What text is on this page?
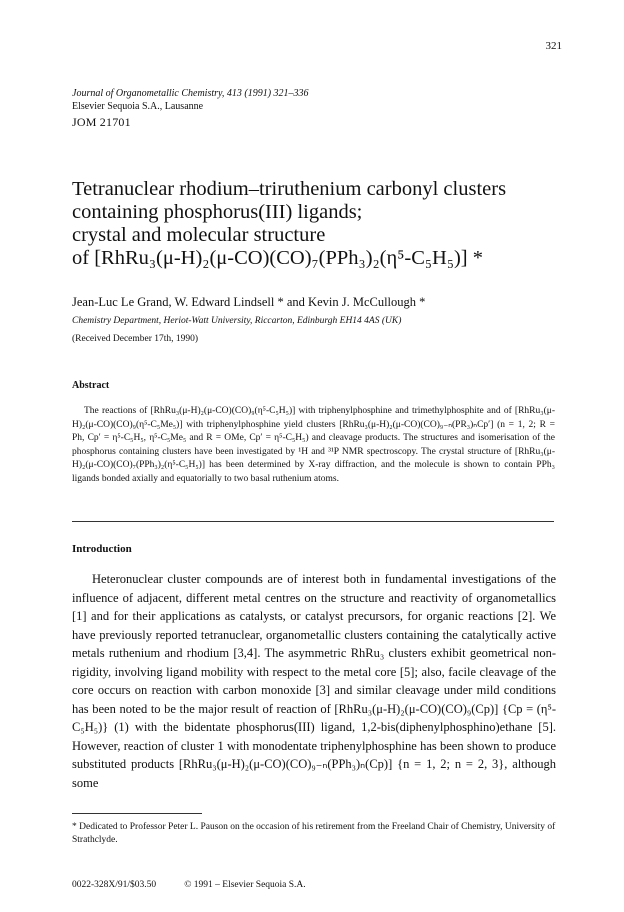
321
Journal of Organometallic Chemistry, 413 (1991) 321–336
Elsevier Sequoia S.A., Lausanne
JOM 21701
Tetranuclear rhodium–triruthenium carbonyl clusters
containing phosphorus(III) ligands;
crystal and molecular structure
of [RhRu₃(μ-H)₂(μ-CO)(CO)₇(PPh₃)₂(η⁵-C₅H₅)] *
Jean-Luc Le Grand, W. Edward Lindsell * and Kevin J. McCullough *
Chemistry Department, Heriot-Watt University, Riccarton, Edinburgh EH14 4AS (UK)
(Received December 17th, 1990)
Abstract

The reactions of [RhRu₃(μ-H)₂(μ-CO)(CO)₉(η⁵-C₅H₅)] with triphenylphosphine and trimethylphosphite and of [RhRu₃(μ-H)₂(μ-CO)(CO)₉(η⁵-C₅Me₅)] with triphenylphosphine yield clusters [RhRu₃(μ-H)₂(μ-CO)(CO)₉₋ₙ(PR₃)ₙCp′] (n = 1, 2; R = Ph, Cp′ = η⁵-C₅H₅, η⁵-C₅Me₅ and R = OMe, Cp′ = η⁵-C₅H₅) and cleavage products. The structures and isomerisation of the phosphorus containing clusters have been investigated by ¹H and ³¹P NMR spectroscopy. The crystal structure of [RhRu₃(μ-H)₂(μ-CO)(CO)₇(PPh₃)₂(η⁵-C₅H₅)] has been determined by X-ray diffraction, and the molecule is shown to contain PPh₃ ligands bonded axially and equatorially to two basal ruthenium atoms.

Introduction

Heteronuclear cluster compounds are of interest both in fundamental investigations of the influence of adjacent, different metal centres on the structure and reactivity of organometallics [1] and for their applications as catalysts, or catalyst precursors, for organic reactions [2]. We have previously reported tetranuclear, organometallic clusters containing the catalytically active metals ruthenium and rhodium [3,4]. The asymmetric RhRu₃ clusters exhibit geometrical non-rigidity, involving ligand mobility with respect to the metal core [5]; also, facile cleavage of the core occurs on reaction with carbon monoxide [3] and similar cleavage under mild conditions has been noted to be the major result of reaction of [RhRu₃(μ-H)₂(μ-CO)(CO)₉(Cp)] {Cp = (η⁵-C₅H₅)} (1) with the bidentate phosphorus(III) ligand, 1,2-bis(diphenylphosphino)ethane [5]. However, reaction of cluster 1 with monodentate triphenylphosphine has been shown to produce substituted products [RhRu₃(μ-H)₂(μ-CO)(CO)₉₋ₙ(PPh₃)ₙ(Cp)] {n = 1, 2; n = 2, 3}, although some

* Dedicated to Professor Peter L. Pauson on the occasion of his retirement from the Freeland Chair of Chemistry, University of Strathclyde.
0022-328X/91/$03.50	© 1991 – Elsevier Sequoia S.A.
